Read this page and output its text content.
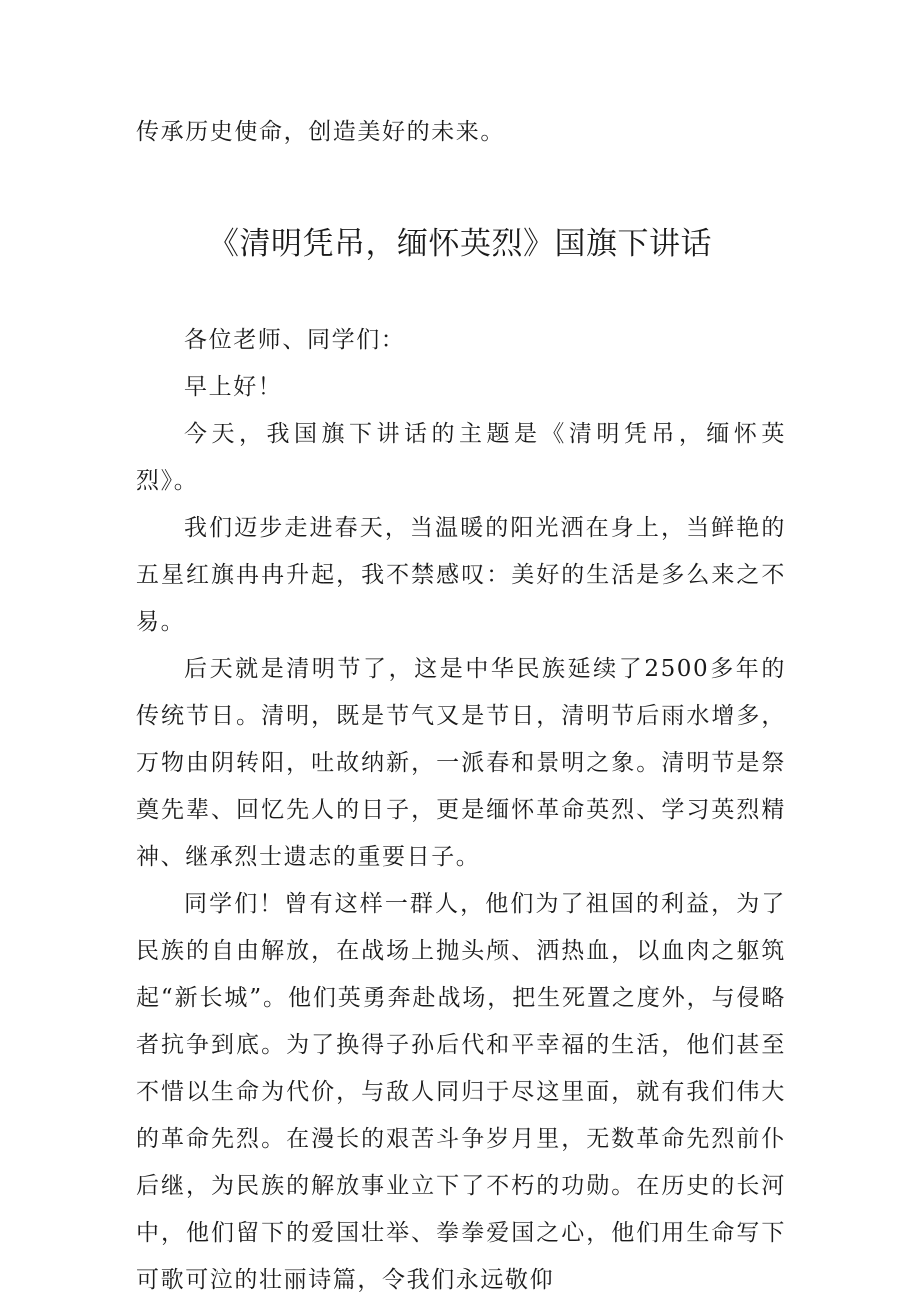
传承历史使命，创造美好的未来。

《清明凭吊，缅怀英烈》国旗下讲话

各位老师、同学们：

早上好！

今天，我国旗下讲话的主题是《清明凭吊，缅怀英烈》。

我们迈步走进春天，当温暖的阳光洒在身上，当鲜艳的五星红旗冉冉升起，我不禁感叹：美好的生活是多么来之不易。

后天就是清明节了，这是中华民族延续了2500多年的传统节日。清明，既是节气又是节日，清明节后雨水增多，万物由阴转阳，吐故纳新，一派春和景明之象。清明节是祭奠先辈、回忆先人的日子，更是缅怀革命英烈、学习英烈精神、继承烈士遗志的重要日子。

同学们！曾有这样一群人，他们为了祖国的利益，为了民族的自由解放，在战场上抛头颅、洒热血，以血肉之躯筑起“新长城”。他们英勇奔赴战场，把生死置之度外，与侵略者抗争到底。为了换得子孙后代和平幸福的生活，他们甚至不惜以生命为代价，与敌人同归于尽这里面，就有我们伟大的革命先烈。在漫长的艰苦斗争岁月里，无数革命先烈前仆后继，为民族的解放事业立下了不朽的功勋。在历史的长河中，他们留下的爱国壮举、拳拳爱国之心，他们用生命写下可歌可泣的壮丽诗篇，令我们永远敬仰
